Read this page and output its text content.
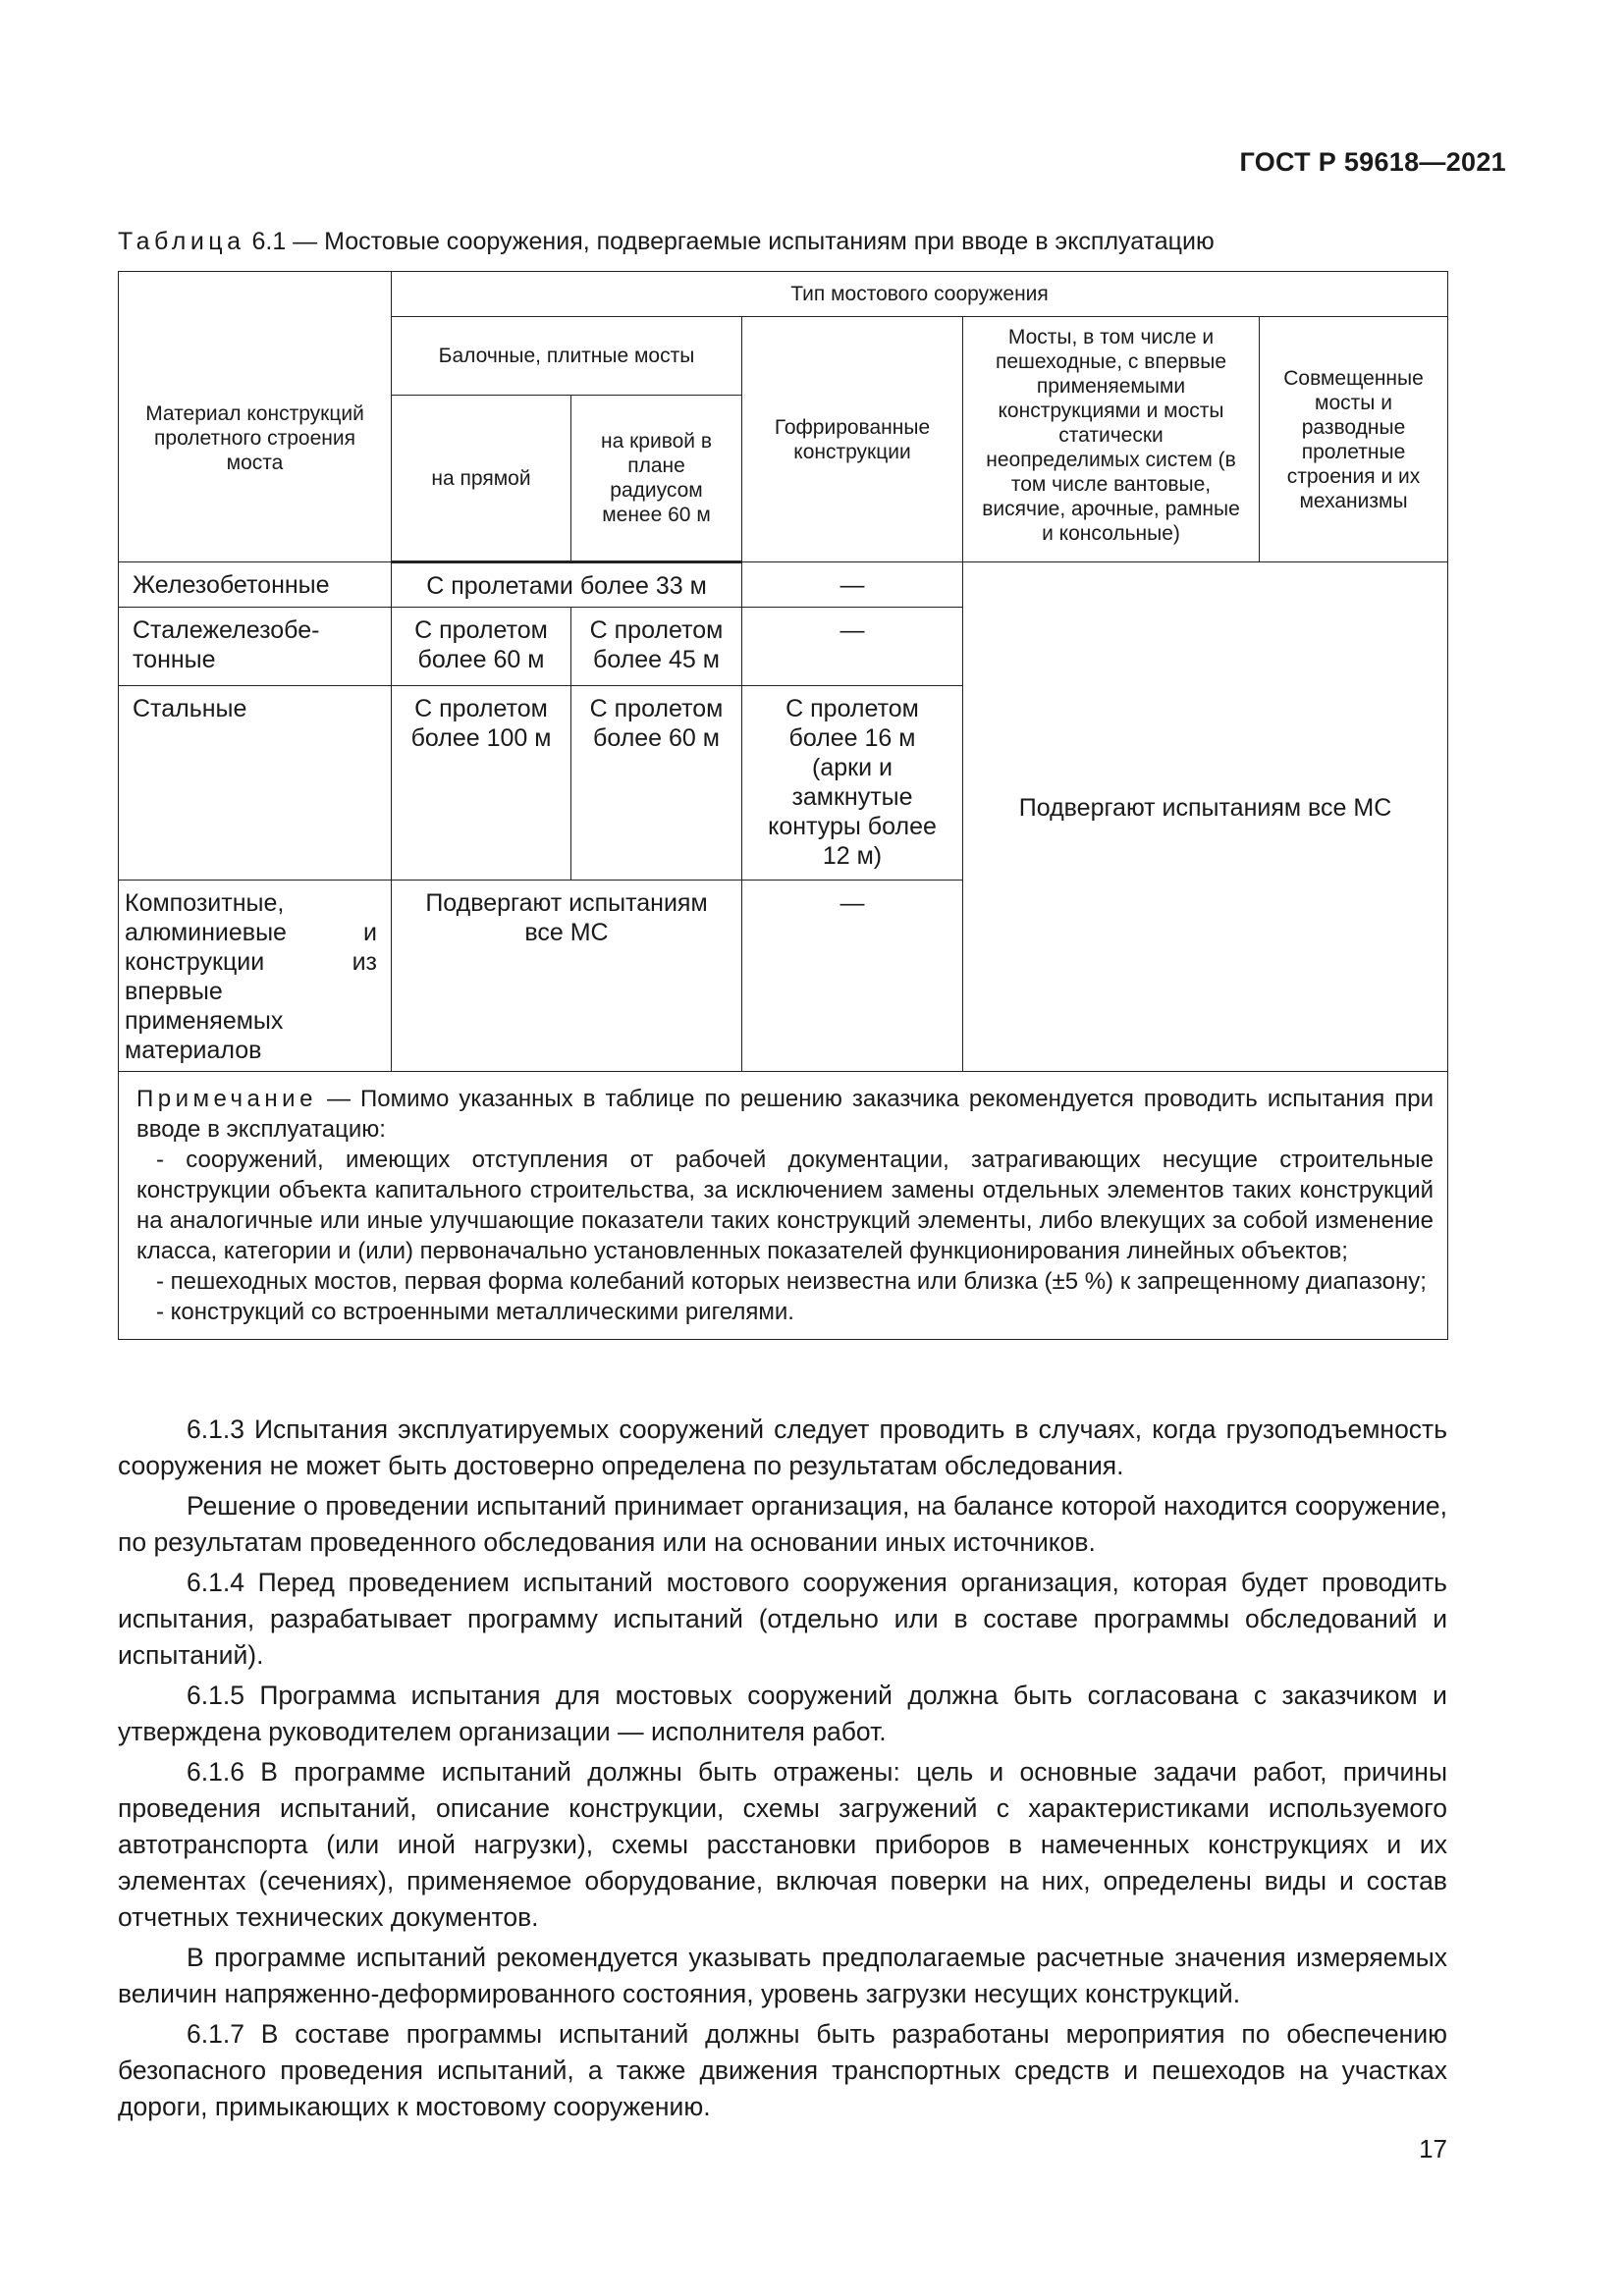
ГОСТ Р 59618—2021
Таблица 6.1 — Мостовые сооружения, подвергаемые испытаниям при вводе в эксплуатацию
Материал конструкций пролетного строения моста	Тип мостового сооружения				
	Балочные, плитные мосты		Гофрированные конструкции	Мосты, в том числе и пешеходные, с впервые применяемыми конструкциями и мосты статически неопределимых систем (в том числе вантовые, висячие, арочные, рамные и консольные)	Совмещенные мосты и разводные пролетные строения и их механизмы

	на прямой	на кривой в плане радиусом менее 60 м			

Железобетонные	С пролетами более 33 м		—	Подвергают испытаниям все МС	

Сталежелезобе-тонные	С пролетом более 60 м	С пролетом более 45 м	—		
Стальные	С пролетом более 100 м	С пролетом более 60 м	С пролетом более 16 м (арки и замкнутые контуры более 12 м)		

Композитные, алюминиевые и конструкции из впервые применяемых материалов	Подвергают испытаниям все МС		—		

Примечание — Помимо указанных в таблице по решению заказчика рекомендуется проводить испытания при вводе в эксплуатацию:

- сооружений, имеющих отступления от рабочей документации, затрагивающих несущие строительные конструкции объекта капитального строительства, за исключением замены отдельных элементов таких конструкций на аналогичные или иные улучшающие показатели таких конструкций элементы, либо влекущих за собой изменение класса, категории и (или) первоначально установленных показателей функционирования линейных объектов;

- пешеходных мостов, первая форма колебаний которых неизвестна или близка (±5 %) к запрещенному диапазону;

- конструкций со встроенными металлическими ригелями.					

6.1.3 Испытания эксплуатируемых сооружений следует проводить в случаях, когда грузоподъемность сооружения не может быть достоверно определена по результатам обследования.

Решение о проведении испытаний принимает организация, на балансе которой находится сооружение, по результатам проведенного обследования или на основании иных источников.

6.1.4 Перед проведением испытаний мостового сооружения организация, которая будет проводить испытания, разрабатывает программу испытаний (отдельно или в составе программы обследований и испытаний).

6.1.5 Программа испытания для мостовых сооружений должна быть согласована с заказчиком и утверждена руководителем организации — исполнителя работ.

6.1.6 В программе испытаний должны быть отражены: цель и основные задачи работ, причины проведения испытаний, описание конструкции, схемы загружений с характеристиками используемого автотранспорта (или иной нагрузки), схемы расстановки приборов в намеченных конструкциях и их элементах (сечениях), применяемое оборудование, включая поверки на них, определены виды и состав отчетных технических документов.

В программе испытаний рекомендуется указывать предполагаемые расчетные значения измеряемых величин напряженно-деформированного состояния, уровень загрузки несущих конструкций.

6.1.7 В составе программы испытаний должны быть разработаны мероприятия по обеспечению безопасного проведения испытаний, а также движения транспортных средств и пешеходов на участках дороги, примыкающих к мостовому сооружению.

17
